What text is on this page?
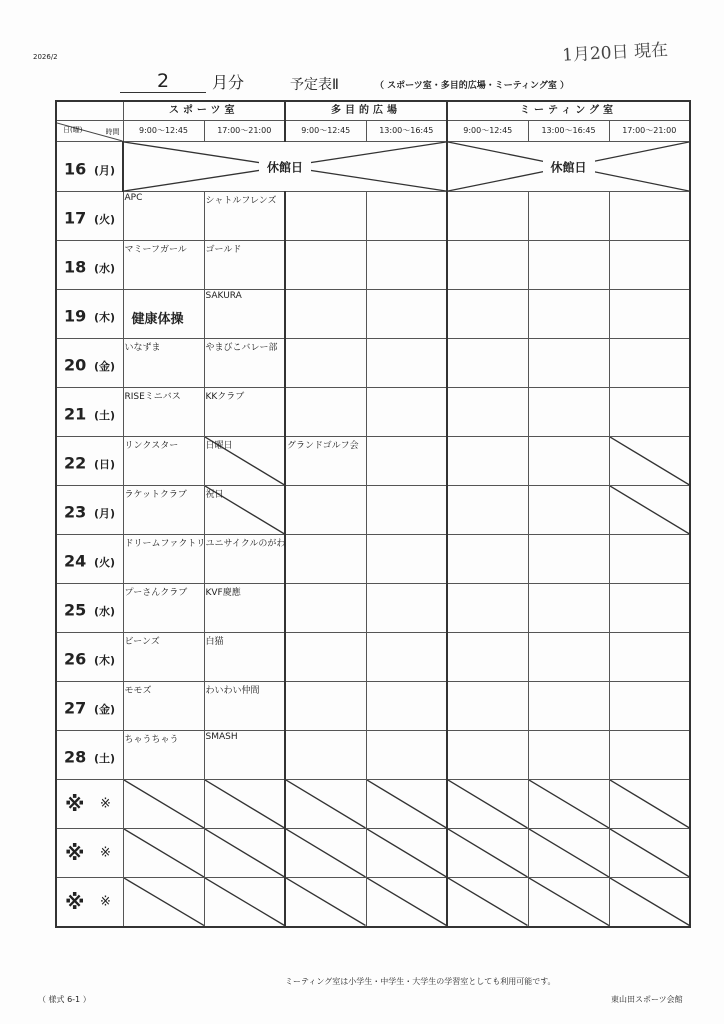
2026/2	1月20日 現在
2	月分	予定表Ⅱ	（ スポーツ室・多目的広場・ミーティング室 ）
	スポーツ室		多目的広場		ミーティング室		

時間
日(曜)	9:00～12:45	17:00～21:00	9:00～12:45	13:00～16:45	9:00～12:45	13:00～16:45	17:00～21:00

16 (月)	休館日				休館日		

17 (火)	APC	シャトルフレンズ					

18 (水)	マミーフガール	ゴールド					

19 (木)	健康体操	SAKURA					

20 (金)	いなずま	やまびこバレー部					

21 (土)	RISEミニバス	KKクラブ					

22 (日)	リンクスター	日曜日	グランドゴルフ会

23 (月)	ラケットクラブ	祝日

24 (火)	ドリームファクトリ	ユニサイクルのがわ					

25 (水)	プーさんクラブ	KVF慶應					

26 (木)	ビーンズ	白猫					

27 (金)	モモズ	わいわい仲間					

28 (土)	ちゃうちゃう	SMASH					

※ ※

※ ※

※ ※

ミーティング室は小学生・中学生・大学生の学習室としても利用可能です。
（ 様式 6-1 ）	東山田スポーツ会館
